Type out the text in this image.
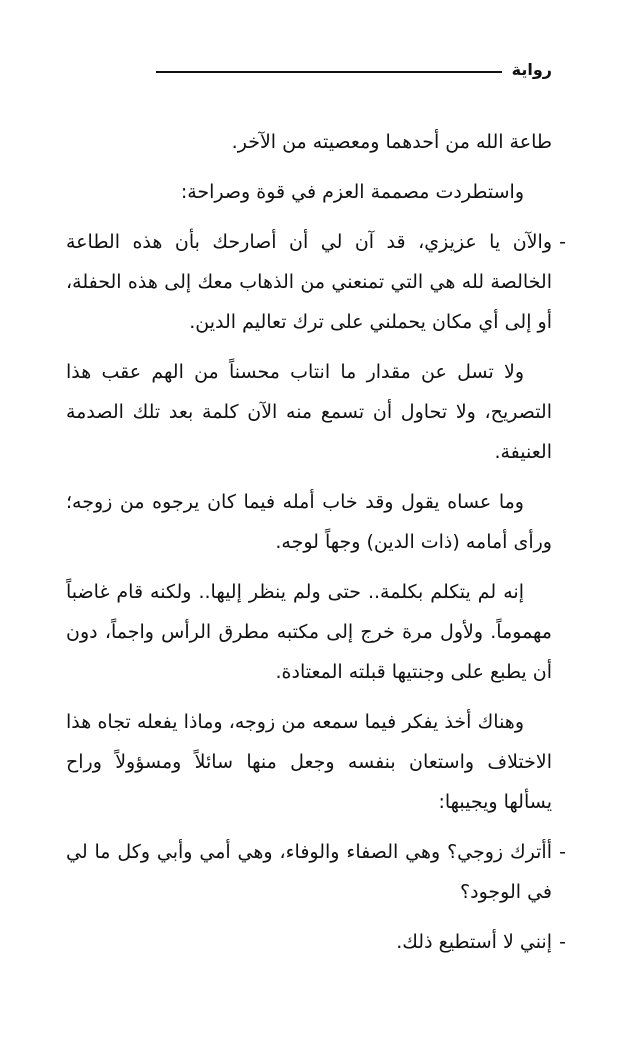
رواية

طاعة الله من أحدهما ومعصيته من الآخر.

واستطردت مصممة العزم في قوة وصراحة:

-
والآن يا عزيزي، قد آن لي أن أصارحك بأن هذه الطاعة الخالصة لله هي التي تمنعني من الذهاب معك إلى هذه الحفلة، أو إلى أي مكان يحملني على ترك تعاليم الدين.

ولا تسل عن مقدار ما انتاب محسناً من الهم عقب هذا التصريح، ولا تحاول أن تسمع منه الآن كلمة بعد تلك الصدمة العنيفة.

وما عساه يقول وقد خاب أمله فيما كان يرجوه من زوجه؛ ورأى أمامه (ذات الدين) وجهاً لوجه.

إنه لم يتكلم بكلمة.. حتى ولم ينظر إليها.. ولكنه قام غاضباً مهموماً. ولأول مرة خرج إلى مكتبه مطرق الرأس واجماً، دون أن يطبع على وجنتيها قبلته المعتادة.

وهناك أخذ يفكر فيما سمعه من زوجه، وماذا يفعله تجاه هذا الاختلاف واستعان بنفسه وجعل منها سائلاً ومسؤولاً وراح يسألها ويجيبها:

-
أأترك زوجي؟ وهي الصفاء والوفاء، وهي أمي وأبي وكل ما لي في الوجود؟
-
إنني لا أستطيع ذلك.
